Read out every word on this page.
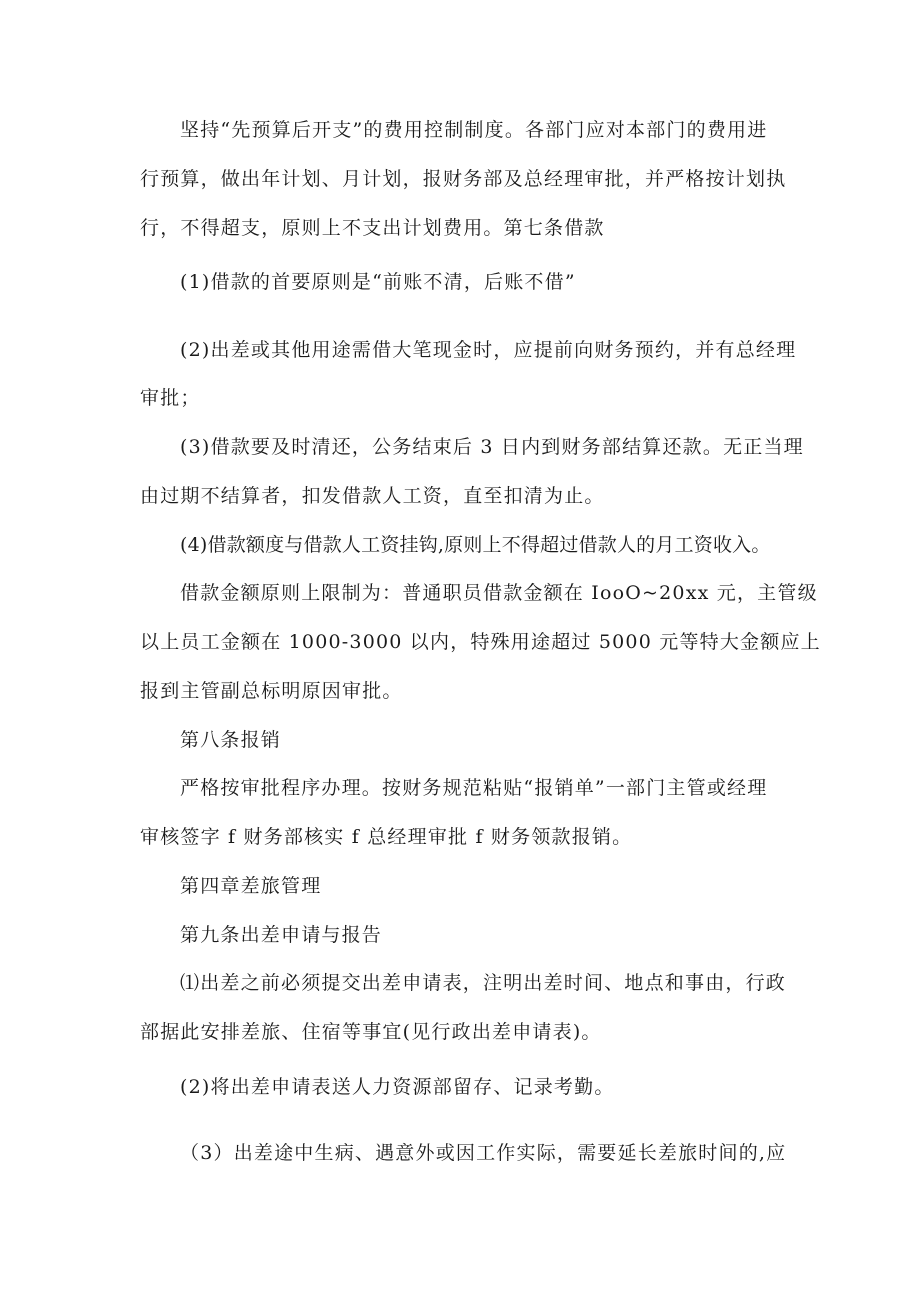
坚持“先预算后开支”的费用控制制度。各部门应对本部门的费用进
行预算，做出年计划、月计划，报财务部及总经理审批，并严格按计划执
行，不得超支，原则上不支出计划费用。第七条借款
(1)借款的首要原则是“前账不清，后账不借”
(2)出差或其他用途需借大笔现金时，应提前向财务预约，并有总经理
审批；
(3)借款要及时清还，公务结束后 3 日内到财务部结算还款。无正当理
由过期不结算者，扣发借款人工资，直至扣清为止。
(4)借款额度与借款人工资挂钩,原则上不得超过借款人的月工资收入。
借款金额原则上限制为：普通职员借款金额在 IooO~20xx 元，主管级
以上员工金额在 1000-3000 以内，特殊用途超过 5000 元等特大金额应上
报到主管副总标明原因审批。
第八条报销
严格按审批程序办理。按财务规范粘贴“报销单”一部门主管或经理
审核签字 f 财务部核实 f 总经理审批 f 财务领款报销。
第四章差旅管理
第九条出差申请与报告
⑴出差之前必须提交出差申请表，注明出差时间、地点和事由，行政
部据此安排差旅、住宿等事宜(见行政出差申请表)。
(2)将出差申请表送人力资源部留存、记录考勤。
（3）出差途中生病、遇意外或因工作实际，需要延长差旅时间的,应
